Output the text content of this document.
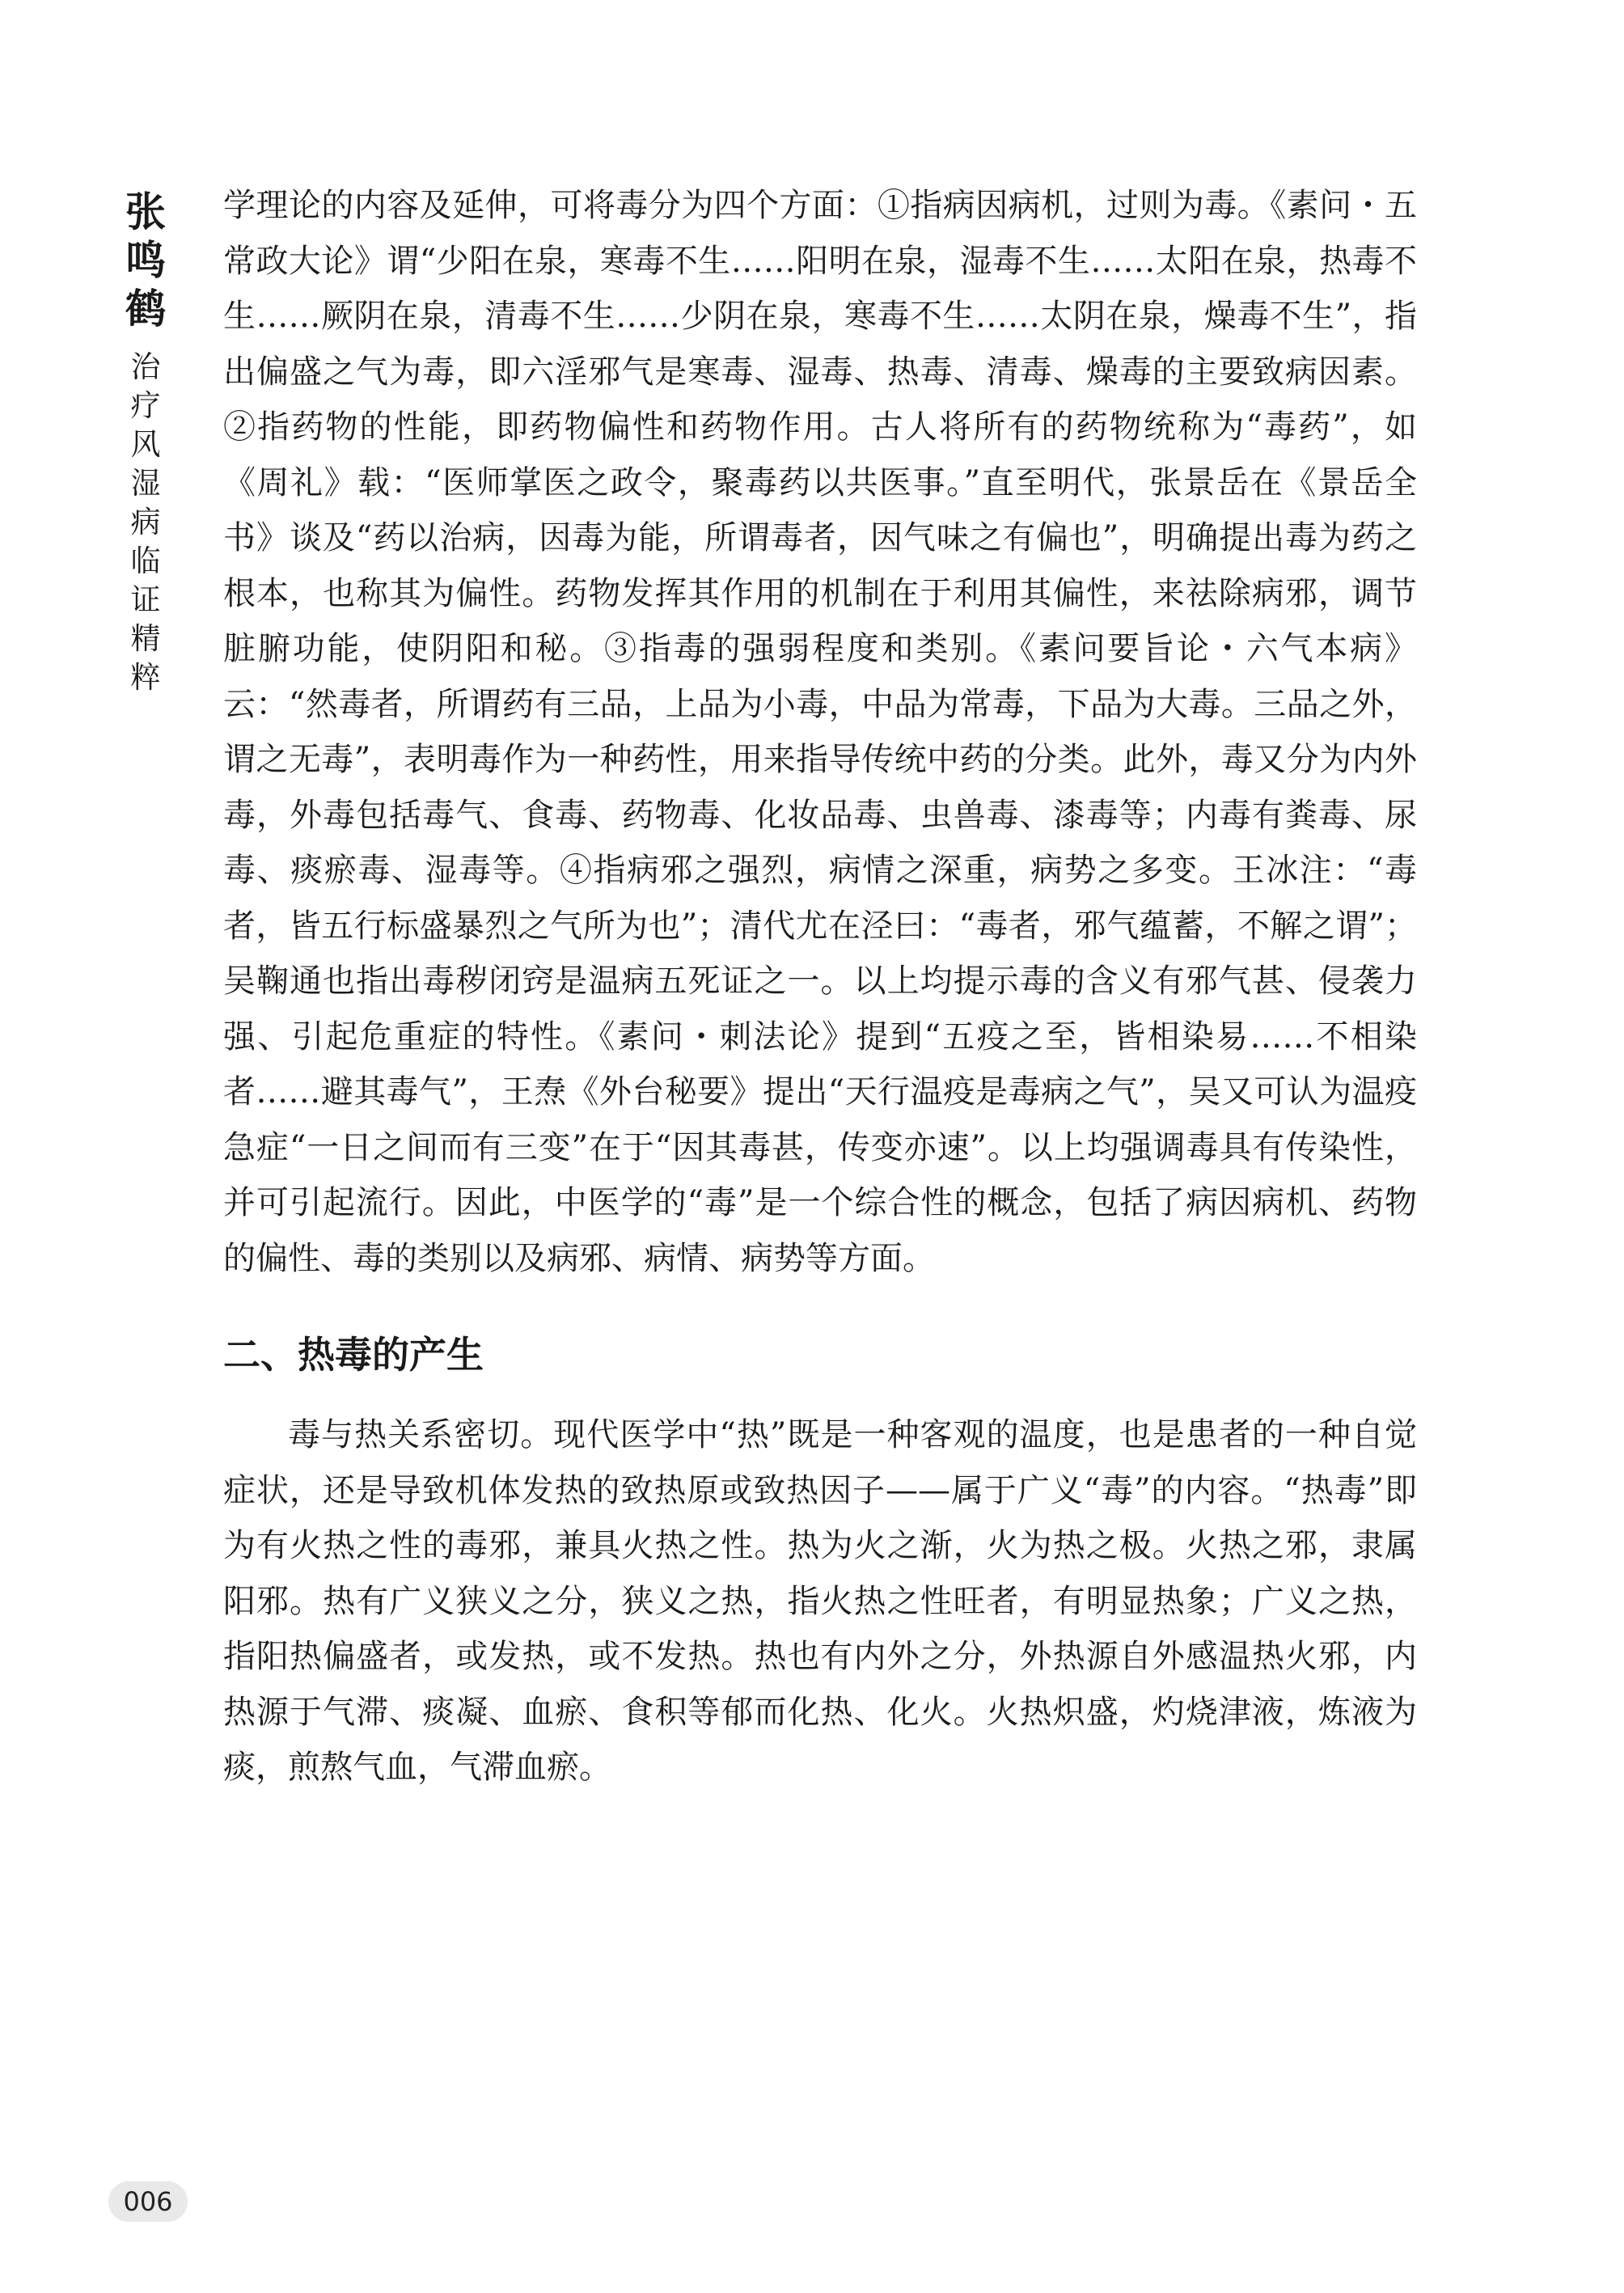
张鸣鹤
治疗风湿病临证精粹

学理论的内容及延伸，可将毒分为四个方面：①指病因病机，过则为毒。《素问・五常政大论》谓“少阳在泉，寒毒不生……阳明在泉，湿毒不生……太阳在泉，热毒不生……厥阴在泉，清毒不生……少阴在泉，寒毒不生……太阴在泉，燥毒不生”，指出偏盛之气为毒，即六淫邪气是寒毒、湿毒、热毒、清毒、燥毒的主要致病因素。②指药物的性能，即药物偏性和药物作用。古人将所有的药物统称为“毒药”，如《周礼》载：“医师掌医之政令，聚毒药以共医事。”直至明代，张景岳在《景岳全书》谈及“药以治病，因毒为能，所谓毒者，因气味之有偏也”，明确提出毒为药之根本，也称其为偏性。药物发挥其作用的机制在于利用其偏性，来祛除病邪，调节脏腑功能，使阴阳和秘。③指毒的强弱程度和类别。《素问要旨论・六气本病》云：“然毒者，所谓药有三品，上品为小毒，中品为常毒，下品为大毒。三品之外，谓之无毒”，表明毒作为一种药性，用来指导传统中药的分类。此外，毒又分为内外毒，外毒包括毒气、食毒、药物毒、化妆品毒、虫兽毒、漆毒等；内毒有粪毒、尿毒、痰瘀毒、湿毒等。④指病邪之强烈，病情之深重，病势之多变。王冰注：“毒者，皆五行标盛暴烈之气所为也”；清代尤在泾曰：“毒者，邪气蕴蓄，不解之谓”；吴鞠通也指出毒秽闭窍是温病五死证之一。以上均提示毒的含义有邪气甚、侵袭力强、引起危重症的特性。《素问・刺法论》提到“五疫之至，皆相染易……不相染者……避其毒气”，王焘《外台秘要》提出“天行温疫是毒病之气”，吴又可认为温疫急症“一日之间而有三变”在于“因其毒甚，传变亦速”。以上均强调毒具有传染性，并可引起流行。因此，中医学的“毒”是一个综合性的概念，包括了病因病机、药物的偏性、毒的类别以及病邪、病情、病势等方面。

二、热毒的产生

毒与热关系密切。现代医学中“热”既是一种客观的温度，也是患者的一种自觉症状，还是导致机体发热的致热原或致热因子——属于广义“毒”的内容。“热毒”即为有火热之性的毒邪，兼具火热之性。热为火之渐，火为热之极。火热之邪，隶属阳邪。热有广义狭义之分，狭义之热，指火热之性旺者，有明显热象；广义之热，指阳热偏盛者，或发热，或不发热。热也有内外之分，外热源自外感温热火邪，内热源于气滞、痰凝、血瘀、食积等郁而化热、化火。火热炽盛，灼烧津液，炼液为痰，煎熬气血，气滞血瘀。

006
